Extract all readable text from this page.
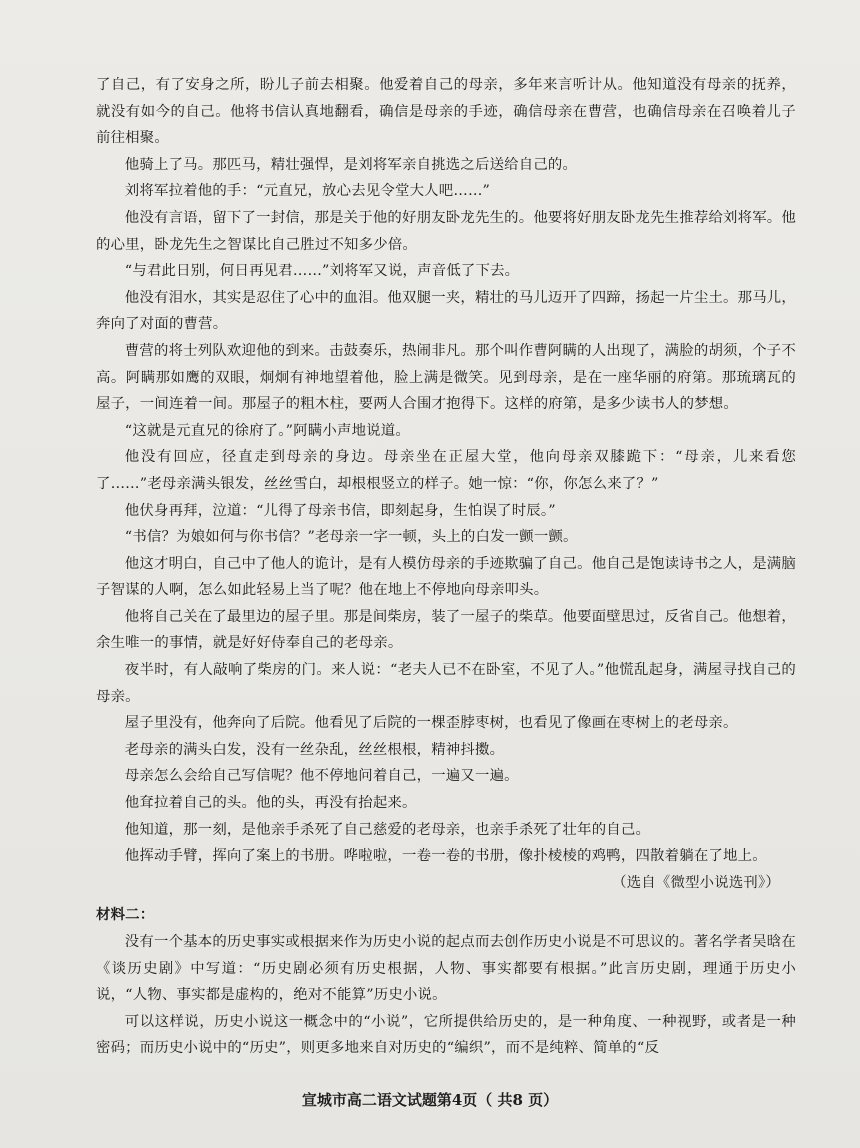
了自己，有了安身之所，盼儿子前去相聚。他爱着自己的母亲，多年来言听计从。他知道没有母亲的抚养，就没有如今的自己。他将书信认真地翻看，确信是母亲的手迹，确信母亲在曹营，也确信母亲在召唤着儿子前往相聚。

他骑上了马。那匹马，精壮强悍，是刘将军亲自挑选之后送给自己的。

刘将军拉着他的手：“元直兄，放心去见令堂大人吧……”

他没有言语，留下了一封信，那是关于他的好朋友卧龙先生的。他要将好朋友卧龙先生推荐给刘将军。他的心里，卧龙先生之智谋比自己胜过不知多少倍。

“与君此日别，何日再见君……”刘将军又说，声音低了下去。

他没有泪水，其实是忍住了心中的血泪。他双腿一夹，精壮的马儿迈开了四蹄，扬起一片尘土。那马儿，奔向了对面的曹营。

曹营的将士列队欢迎他的到来。击鼓奏乐，热闹非凡。那个叫作曹阿瞒的人出现了，满脸的胡须，个子不高。阿瞒那如鹰的双眼，炯炯有神地望着他，脸上满是微笑。见到母亲，是在一座华丽的府第。那琉璃瓦的屋子，一间连着一间。那屋子的粗木柱，要两人合围才抱得下。这样的府第，是多少读书人的梦想。

“这就是元直兄的徐府了。”阿瞒小声地说道。

他没有回应，径直走到母亲的身边。母亲坐在正屋大堂，他向母亲双膝跪下：“母亲，儿来看您了……”老母亲满头银发，丝丝雪白，却根根竖立的样子。她一惊：“你，你怎么来了？”

他伏身再拜，泣道：“儿得了母亲书信，即刻起身，生怕误了时辰。”

“书信？为娘如何与你书信？”老母亲一字一顿，头上的白发一颤一颤。

他这才明白，自己中了他人的诡计，是有人模仿母亲的手迹欺骗了自己。他自己是饱读诗书之人，是满脑子智谋的人啊，怎么如此轻易上当了呢？他在地上不停地向母亲叩头。

他将自己关在了最里边的屋子里。那是间柴房，装了一屋子的柴草。他要面壁思过，反省自己。他想着，余生唯一的事情，就是好好侍奉自己的老母亲。

夜半时，有人敲响了柴房的门。来人说：“老夫人已不在卧室，不见了人。”他慌乱起身，满屋寻找自己的母亲。

屋子里没有，他奔向了后院。他看见了后院的一棵歪脖枣树，也看见了像画在枣树上的老母亲。

老母亲的满头白发，没有一丝杂乱，丝丝根根，精神抖擞。

母亲怎么会给自己写信呢？他不停地问着自己，一遍又一遍。

他耷拉着自己的头。他的头，再没有抬起来。

他知道，那一刻，是他亲手杀死了自己慈爱的老母亲，也亲手杀死了壮年的自己。

他挥动手臂，挥向了案上的书册。哗啦啦，一卷一卷的书册，像扑棱棱的鸡鸭，四散着躺在了地上。

（选自《微型小说选刊》）

材料二：

没有一个基本的历史事实或根据来作为历史小说的起点而去创作历史小说是不可思议的。著名学者吴晗在《谈历史剧》中写道：“历史剧必须有历史根据，人物、事实都要有根据。”此言历史剧，理通于历史小说，“人物、事实都是虚构的，绝对不能算”历史小说。

可以这样说，历史小说这一概念中的“小说”，它所提供给历史的，是一种角度、一种视野，或者是一种密码；而历史小说中的“历史”，则更多地来自对历史的“编织”，而不是纯粹、简单的“反

宣城市高二语文试题第4页（ 共8 页）
